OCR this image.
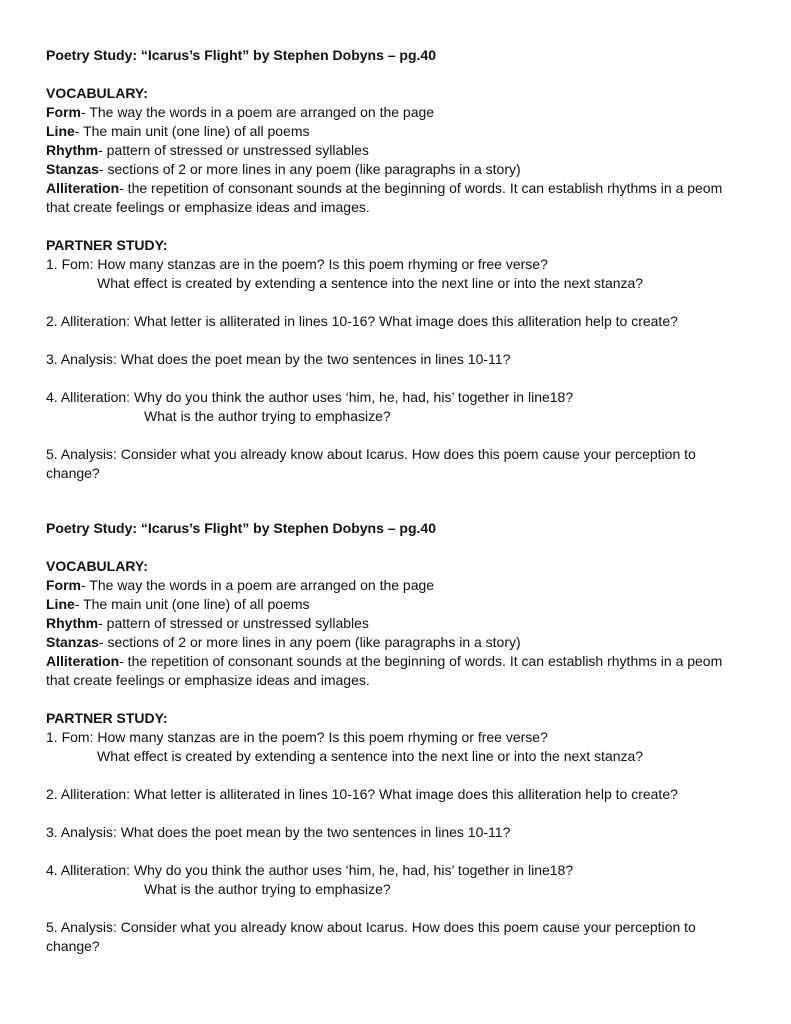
Poetry Study: “Icarus’s Flight” by Stephen Dobyns – pg.40

VOCABULARY:

Form- The way the words in a poem are arranged on the page
Line- The main unit (one line) of all poems
Rhythm- pattern of stressed or unstressed syllables
Stanzas- sections of 2 or more lines in any poem (like paragraphs in a story)
Alliteration- the repetition of consonant sounds at the beginning of words. It can establish rhythms in a peom that create feelings or emphasize ideas and images.

PARTNER STUDY:

1. Fom: How many stanzas are in the poem? Is this poem rhyming or free verse?
What effect is created by extending a sentence into the next line or into the next stanza?
2. Alliteration: What letter is alliterated in lines 10-16? What image does this alliteration help to create?
3. Analysis: What does the poet mean by the two sentences in lines 10-11?
4. Alliteration: Why do you think the author uses ‘him, he, had, his’ together in line18?
What is the author trying to emphasize?
5. Analysis: Consider what you already know about Icarus. How does this poem cause your perception to change?

Poetry Study: “Icarus’s Flight” by Stephen Dobyns – pg.40

VOCABULARY:

Form- The way the words in a poem are arranged on the page
Line- The main unit (one line) of all poems
Rhythm- pattern of stressed or unstressed syllables
Stanzas- sections of 2 or more lines in any poem (like paragraphs in a story)
Alliteration- the repetition of consonant sounds at the beginning of words. It can establish rhythms in a peom that create feelings or emphasize ideas and images.

PARTNER STUDY:

1. Fom: How many stanzas are in the poem? Is this poem rhyming or free verse?
What effect is created by extending a sentence into the next line or into the next stanza?
2. Alliteration: What letter is alliterated in lines 10-16? What image does this alliteration help to create?
3. Analysis: What does the poet mean by the two sentences in lines 10-11?
4. Alliteration: Why do you think the author uses ‘him, he, had, his’ together in line18?
What is the author trying to emphasize?
5. Analysis: Consider what you already know about Icarus. How does this poem cause your perception to change?
